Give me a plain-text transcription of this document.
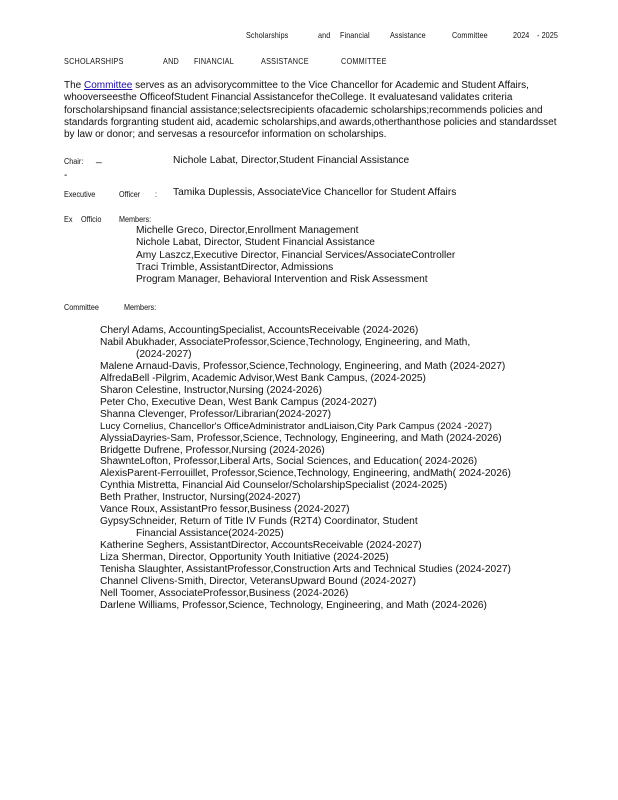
Scholarships	and Financial Assistance	Committee	2024 - 2025
SCHOLARSHIPS	AND FINANCIAL	ASSISTANCE	COMMITTEE
The Committee serves as an advisorycommittee to the Vice Chancellor for Academic and Student Affairs, whooverseesthe OfficeofStudent Financial Assistancefor theCollege. It evaluatesand validates criteria forscholarshipsand financial assistance;selectsrecipients ofacademic scholarships;recommends policies and standards forgranting student aid, academic scholarships,and awards,otherthanthose policies and standardsset by law or donor; and servesas a resourcefor information on scholarships.
Chair: _	Nichole Labat, Director,Student Financial Assistance
-
Executive	Officer : Tamika Duplessis, AssociateVice Chancellor for Student Affairs
Ex Officio Members:
Michelle Greco, Director,Enrollment Management
Nichole Labat, Director, Student Financial Assistance
Amy Laszcz,Executive Director, Financial Services/AssociateController
Traci Trimble, AssistantDirector, Admissions
Program Manager, Behavioral Intervention and Risk Assessment
Committee	Members:
Cheryl Adams, AccountingSpecialist, AccountsReceivable (2024-2026)
Nabil Abukhader, AssociateProfessor,Science,Technology, Engineering, and Math,
(2024-2027)
Malene Arnaud-Davis, Professor,Science,Technology, Engineering, and Math (2024-2027)
AlfredaBell -Pilgrim, Academic Advisor,West Bank Campus, (2024-2025)
Sharon Celestine, Instructor,Nursing (2024-2026)
Peter Cho, Executive Dean, West Bank Campus (2024-2027)
Shanna Clevenger, Professor/Librarian(2024-2027)
Lucy Cornelius, Chancellor's OfficeAdministrator andLiaison,City Park Campus (2024 -2027)
AlyssiaDayries-Sam, Professor,Science, Technology, Engineering, and Math (2024-2026)
Bridgette Dufrene, Professor,Nursing (2024-2026)
ShawnteLofton, Professor,Liberal Arts, Social Sciences, and Education( 2024-2026)
AlexisParent-Ferrouillet, Professor,Science,Technology, Engineering, andMath( 2024-2026)
Cynthia Mistretta, Financial Aid Counselor/ScholarshipSpecialist (2024-2025)
Beth Prather, Instructor, Nursing(2024-2027)
Vance Roux, AssistantPro fessor,Business (2024-2027)
GypsySchneider, Return of Title IV Funds (R2T4) Coordinator, Student
Financial Assistance(2024-2025)
Katherine Seghers, AssistantDirector, AccountsReceivable (2024-2027)
Liza Sherman, Director, Opportunity Youth Initiative (2024-2025)
Tenisha Slaughter, AssistantProfessor,Construction Arts and Technical Studies (2024-2027)
Channel Clivens-Smith, Director, VeteransUpward Bound (2024-2027)
Nell Toomer, AssociateProfessor,Business (2024-2026)
Darlene Williams, Professor,Science, Technology, Engineering, and Math (2024-2026)
